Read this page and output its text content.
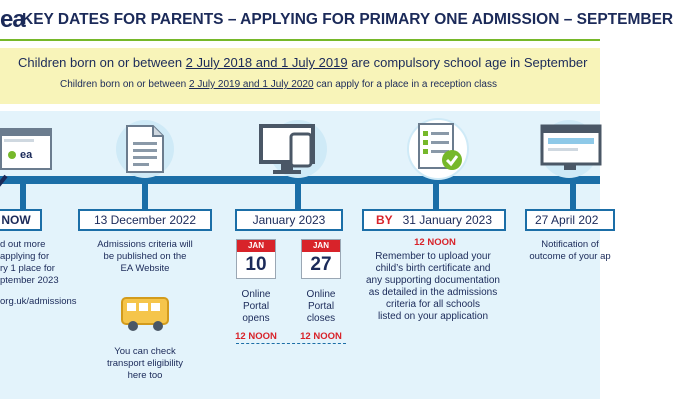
ea
KEY DATES FOR PARENTS – APPLYING FOR PRIMARY ONE ADMISSION – SEPTEMBER
Children born on or between 2 July 2018 and 1 July 2019 are compulsory school age in September
Children born on or between 2 July 2019 and 1 July 2020 can apply for a place in a reception class
ea
NOW	13 December 2022	January 2023	BY 31 January 2023	27 April 202
d out more
applying for
ry 1 place for
ptember 2023
org.uk/admissions
Admissions criteria will
be published on the
EA Website
You can check
transport eligibility
here too
JAN
10
JAN
27
Online
Portal
opens
Online
Portal
closes
12 NOON	12 NOON
12 NOON
Remember to upload your
child’s birth certificate and
any supporting documentation
as detailed in the admissions
criteria for all schools
listed on your application
Notification of
outcome of your ap
